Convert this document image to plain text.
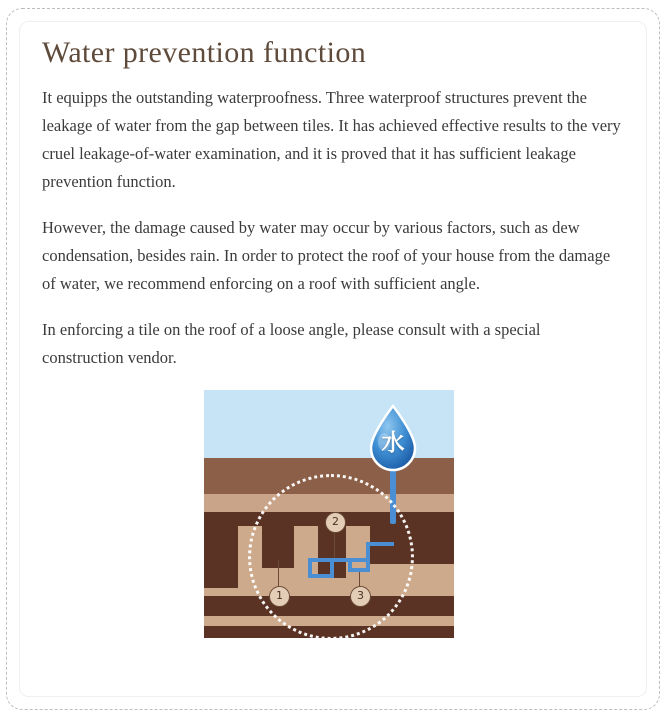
Water prevention function

It equipps the outstanding waterproofness. Three waterproof structures prevent the leakage of water from the gap between tiles. It has achieved effective results to the very cruel leakage-of-water examination, and it is proved that it has sufficient leakage prevention function.

However, the damage caused by water may occur by various factors, such as dew condensation, besides rain. In order to protect the roof of your house from the damage of water, we recommend enforcing on a roof with sufficient angle.

In enforcing a tile on the roof of a loose angle, please consult with a special construction vendor.

水
1
2
3
